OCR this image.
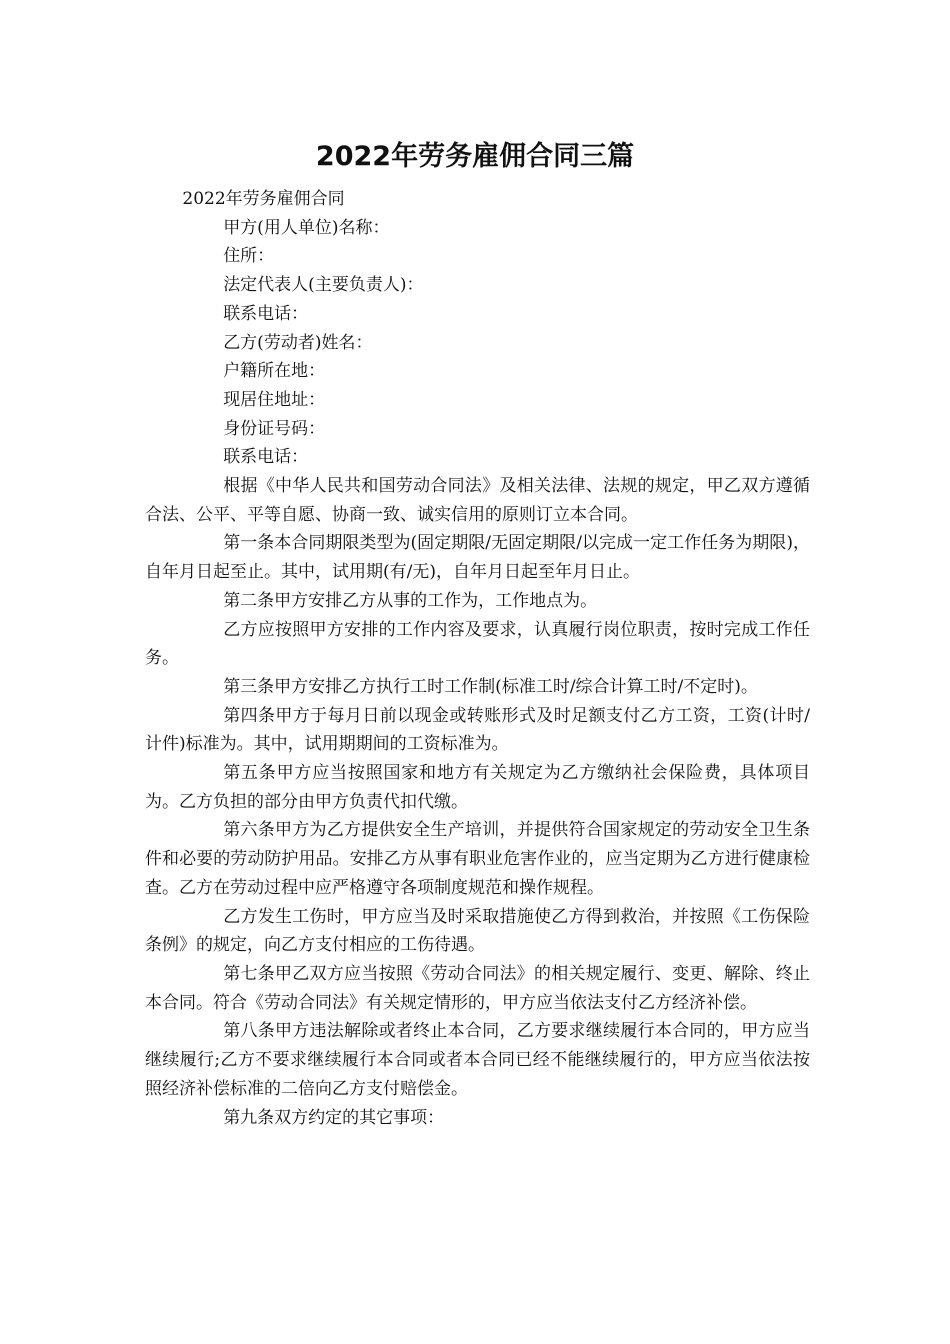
2022年劳务雇佣合同三篇

2022年劳务雇佣合同

甲方(用人单位)名称：

住所：

法定代表人(主要负责人)：

联系电话：

乙方(劳动者)姓名：

户籍所在地：

现居住地址：

身份证号码：

联系电话：

根据《中华人民共和国劳动合同法》及相关法律、法规的规定，甲乙双方遵循合法、公平、平等自愿、协商一致、诚实信用的原则订立本合同。

第一条本合同期限类型为(固定期限/无固定期限/以完成一定工作任务为期限)，自年月日起至止。其中，试用期(有/无)，自年月日起至年月日止。

第二条甲方安排乙方从事的工作为，工作地点为。

乙方应按照甲方安排的工作内容及要求，认真履行岗位职责，按时完成工作任务。

第三条甲方安排乙方执行工时工作制(标准工时/综合计算工时/不定时)。

第四条甲方于每月日前以现金或转账形式及时足额支付乙方工资，工资(计时/计件)标准为。其中，试用期期间的工资标准为。

第五条甲方应当按照国家和地方有关规定为乙方缴纳社会保险费，具体项目为。乙方负担的部分由甲方负责代扣代缴。

第六条甲方为乙方提供安全生产培训，并提供符合国家规定的劳动安全卫生条件和必要的劳动防护用品。安排乙方从事有职业危害作业的，应当定期为乙方进行健康检查。乙方在劳动过程中应严格遵守各项制度规范和操作规程。

乙方发生工伤时，甲方应当及时采取措施使乙方得到救治，并按照《工伤保险条例》的规定，向乙方支付相应的工伤待遇。

第七条甲乙双方应当按照《劳动合同法》的相关规定履行、变更、解除、终止本合同。符合《劳动合同法》有关规定情形的，甲方应当依法支付乙方经济补偿。

第八条甲方违法解除或者终止本合同，乙方要求继续履行本合同的，甲方应当继续履行;乙方不要求继续履行本合同或者本合同已经不能继续履行的，甲方应当依法按照经济补偿标准的二倍向乙方支付赔偿金。

第九条双方约定的其它事项：
